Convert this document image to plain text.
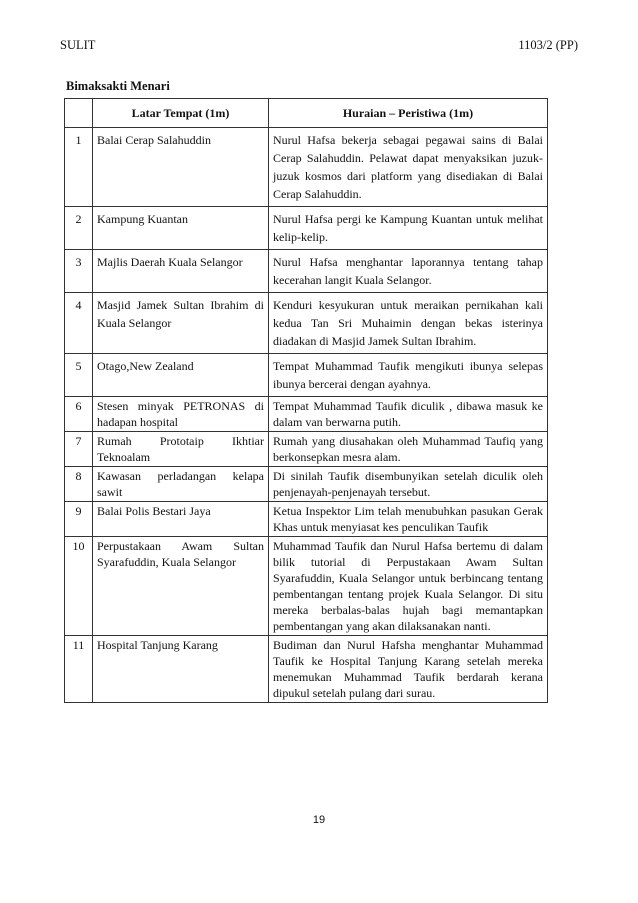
SULIT	1103/2 (PP)
Bimaksakti Menari
	Latar Tempat (1m)	Huraian – Peristiwa (1m)
1	Balai Cerap Salahuddin	Nurul Hafsa bekerja sebagai pegawai sains di Balai Cerap Salahuddin. Pelawat dapat menyaksikan juzuk-juzuk kosmos dari platform yang disediakan di Balai Cerap Salahuddin.
2	Kampung Kuantan	Nurul Hafsa pergi ke Kampung Kuantan untuk melihat kelip-kelip.
3	Majlis Daerah Kuala Selangor	Nurul Hafsa menghantar laporannya tentang tahap kecerahan langit Kuala Selangor.
4	Masjid Jamek Sultan Ibrahim di Kuala Selangor	Kenduri kesyukuran untuk meraikan pernikahan kali kedua Tan Sri Muhaimin dengan bekas isterinya diadakan di Masjid Jamek Sultan Ibrahim.
5	Otago,New Zealand	Tempat Muhammad Taufik mengikuti ibunya selepas ibunya bercerai dengan ayahnya.
6	Stesen minyak PETRONAS di hadapan hospital	Tempat Muhammad Taufik diculik , dibawa masuk ke dalam van berwarna putih.
7	Rumah Prototaip Ikhtiar Teknoalam	Rumah yang diusahakan oleh Muhammad Taufiq yang berkonsepkan mesra alam.
8	Kawasan perladangan kelapa sawit	Di sinilah Taufik disembunyikan setelah diculik oleh penjenayah-penjenayah tersebut.
9	Balai Polis Bestari Jaya	Ketua Inspektor Lim telah menubuhkan pasukan Gerak Khas untuk menyiasat kes penculikan Taufik
10	Perpustakaan Awam Sultan Syarafuddin, Kuala Selangor	Muhammad Taufik dan Nurul Hafsa bertemu di dalam bilik tutorial di Perpustakaan Awam Sultan Syarafuddin, Kuala Selangor untuk berbincang tentang pembentangan tentang projek Kuala Selangor. Di situ mereka berbalas-balas hujah bagi memantapkan pembentangan yang akan dilaksanakan nanti.
11	Hospital Tanjung Karang	Budiman dan Nurul Hafsha menghantar Muhammad Taufik ke Hospital Tanjung Karang setelah mereka menemukan Muhammad Taufik berdarah kerana dipukul setelah pulang dari surau.
19
